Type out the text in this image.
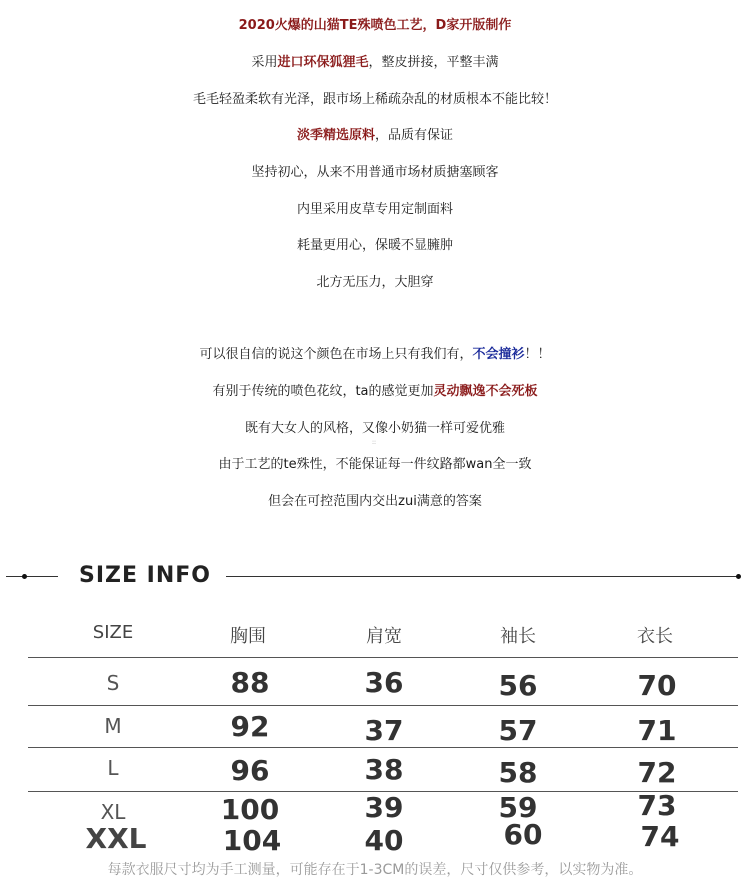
2020火爆的山猫TE殊喷色工艺，D家开版制作
采用进口环保狐狸毛，整皮拼接，平整丰满
毛毛轻盈柔软有光泽，跟市场上稀疏杂乱的材质根本不能比较！
淡季精选原料，品质有保证
坚持初心，从来不用普通市场材质搪塞顾客
内里采用皮草专用定制面料
耗量更用心，保暖不显臃肿
北方无压力，大胆穿
可以很自信的说这个颜色在市场上只有我们有，不会撞衫！！
有别于传统的喷色花纹，ta的感觉更加灵动飘逸不会死板
既有大女人的风格，又像小奶猫一样可爱优雅
::
由于工艺的te殊性，不能保证每一件纹路都wan全一致
但会在可控范围内交出zui满意的答案
SIZE INFO
SIZE	胸围	肩宽	袖长	衣长
S	88	36	56	70
M	92	37	57	71
L	96	38	58	72
XL	100	39	59	73
XXL	104	40	60	74
每款衣服尺寸均为手工测量，可能存在于1-3CM的误差，尺寸仅供参考，以实物为准。
